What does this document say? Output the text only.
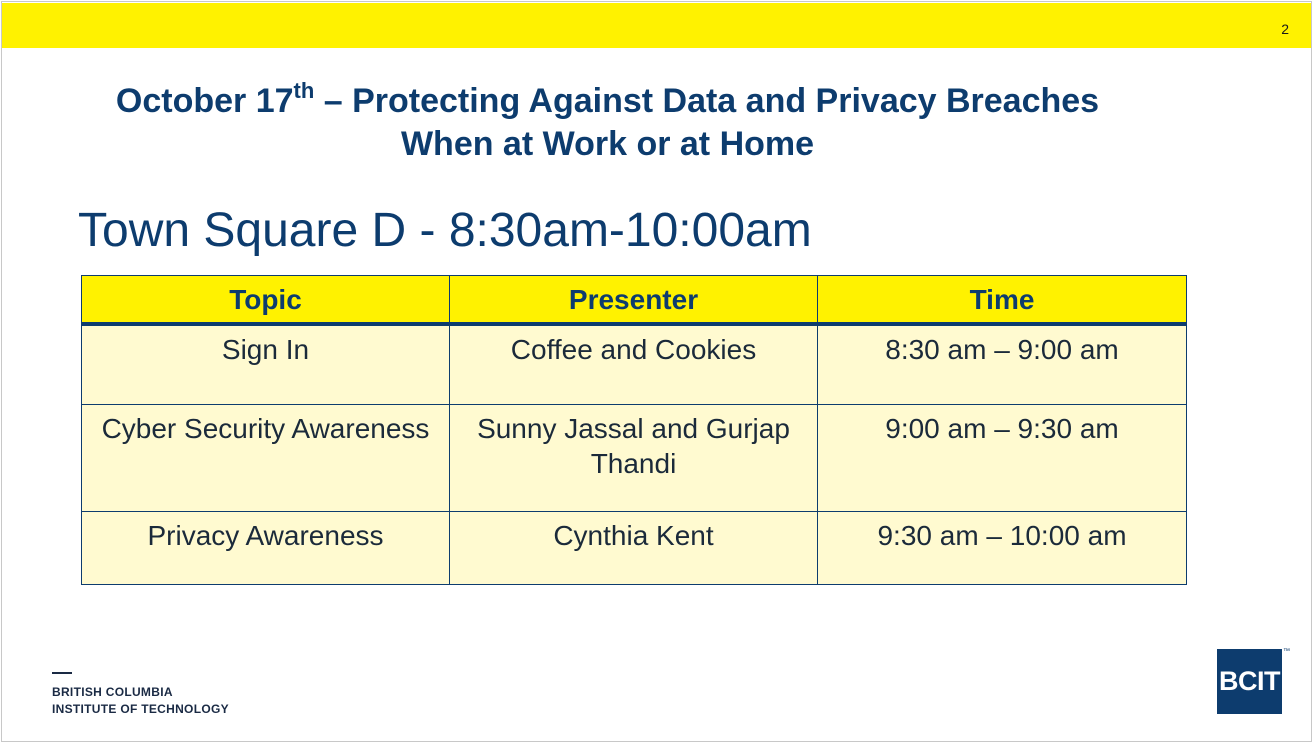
2
October 17th – Protecting Against Data and Privacy Breaches
When at Work or at Home
Town Square D - 8:30am-10:00am
Topic	Presenter	Time
Sign In	Coffee and Cookies	8:30 am – 9:00 am
Cyber Security Awareness	Sunny Jassal and Gurjap Thandi	9:00 am – 9:30 am
Privacy Awareness	Cynthia Kent	9:30 am – 10:00 am
BRITISH COLUMBIA
INSTITUTE OF TECHNOLOGY
BCIT
™
